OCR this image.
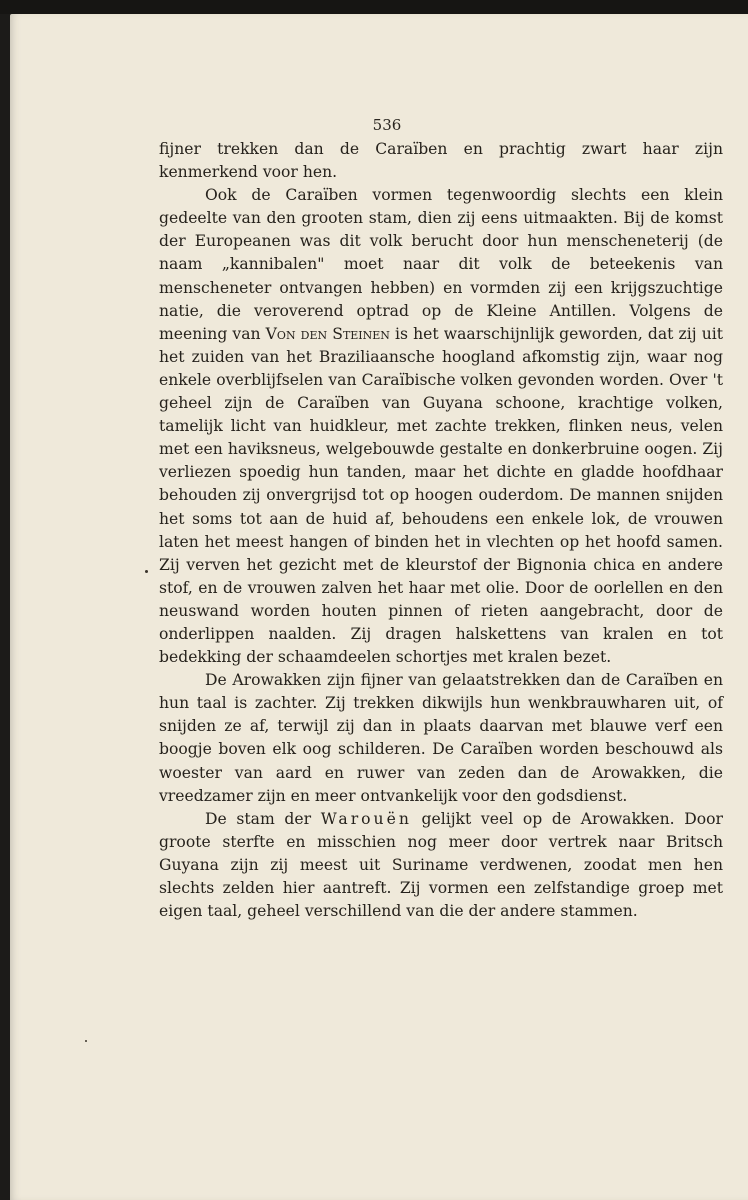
536

fijner trekken dan de Caraïben en prachtig zwart haar zijn kenmerkend voor hen.

Ook de Caraïben vormen tegenwoordig slechts een klein gedeelte van den grooten stam, dien zij eens uitmaakten. Bij de komst der Europeanen was dit volk berucht door hun menscheneterij (de naam „kannibalen" moet naar dit volk de beteekenis van menscheneter ontvangen hebben) en vormden zij een krijgszuchtige natie, die veroverend optrad op de Kleine Antillen. Volgens de meening van Von den Steinen is het waarschijnlijk geworden, dat zij uit het zuiden van het Braziliaansche hoogland afkomstig zijn, waar nog enkele overblijfselen van Caraïbische volken gevonden worden. Over 't geheel zijn de Caraïben van Guyana schoone, krachtige volken, tamelijk licht van huidkleur, met zachte trekken, flinken neus, velen met een haviksneus, welgebouwde gestalte en donkerbruine oogen. Zij verliezen spoedig hun tanden, maar het dichte en gladde hoofdhaar behouden zij onvergrijsd tot op hoogen ouderdom. De mannen snijden het soms tot aan de huid af, behoudens een enkele lok, de vrouwen laten het meest hangen of binden het in vlechten op het hoofd samen. Zij verven het gezicht met de kleurstof der Bignonia chica en andere stof, en de vrouwen zalven het haar met olie. Door de oorlellen en den neuswand worden houten pinnen of rieten aangebracht, door de onderlippen naalden. Zij dragen halskettens van kralen en tot bedekking der schaamdeelen schortjes met kralen bezet.

De Arowakken zijn fijner van gelaatstrekken dan de Caraïben en hun taal is zachter. Zij trekken dikwijls hun wenkbrauwharen uit, of snijden ze af, terwijl zij dan in plaats daarvan met blauwe verf een boogje boven elk oog schilderen. De Caraïben worden beschouwd als woester van aard en ruwer van zeden dan de Arowakken, die vreedzamer zijn en meer ontvankelijk voor den godsdienst.

De stam der Warouën gelijkt veel op de Arowakken. Door groote sterfte en misschien nog meer door vertrek naar Britsch Guyana zijn zij meest uit Suriname verdwenen, zoodat men hen slechts zelden hier aantreft. Zij vormen een zelfstandige groep met eigen taal, geheel verschillend van die der andere stammen.
